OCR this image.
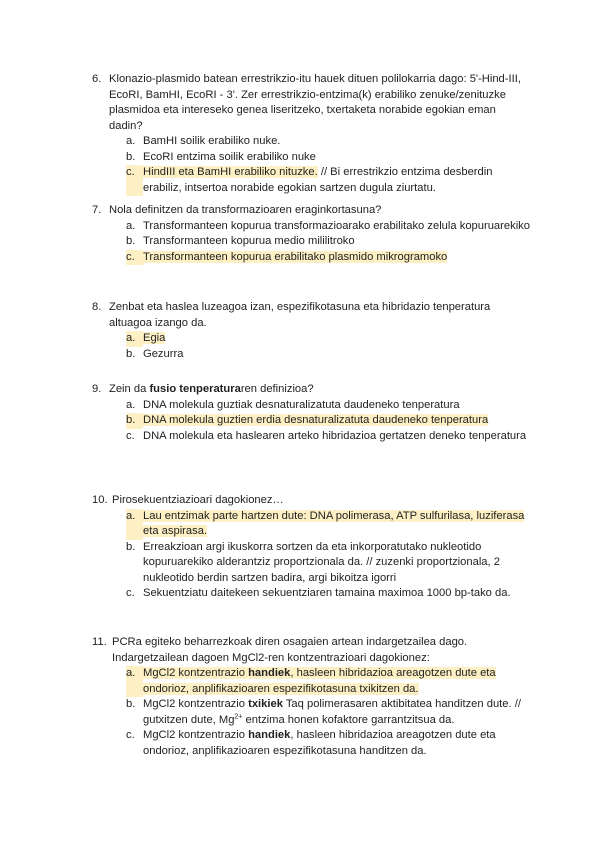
6. Klonazio-plasmido batean errestrikzio-itu hauek dituen polilokarria dago: 5'-Hind-III, EcoRI, BamHI, EcoRI - 3'. Zer errestrikzio-entzima(k) erabiliko zenuke/zenituzke plasmidoa eta intereseko genea liseritzeko, txertaketa norabide egokian eman dadin?
a. BamHI soilik erabiliko nuke.
b. EcoRI entzima soilik erabiliko nuke
c. HindIII eta BamHI erabiliko nituzke. // Bi errestrikzio entzima desberdin erabiliz, intsertoa norabide egokian sartzen dugula ziurtatu.
7. Nola definitzen da transformazioaren eraginkortasuna?
a. Transformanteen kopurua transformazioarako erabilitako zelula kopuruarekiko
b. Transformanteen kopurua medio mililitroko
c. Transformanteen kopurua erabilitako plasmido mikrogramoko
8. Zenbat eta haslea luzeagoa izan, espezifikotasuna eta hibridazio tenperatura altuagoa izango da.
a. Egia
b. Gezurra
9. Zein da fusio tenperaturaren definizioa?
a. DNA molekula guztiak desnaturalizatuta daudeneko tenperatura
b. DNA molekula guztien erdia desnaturalizatuta daudeneko tenperatura
c. DNA molekula eta haslearen arteko hibridazioa gertatzen deneko tenperatura
10. Pirosekuentziazioari dagokionez…
a. Lau entzimak parte hartzen dute: DNA polimerasa, ATP sulfurilasa, luziferasa eta aspirasa.
b. Erreakzioan argi ikuskorra sortzen da eta inkorporatutako nukleotido kopuruarekiko alderantziz proportzionala da. // zuzenki proportzionala, 2 nukleotido berdin sartzen badira, argi bikoitza igorri
c. Sekuentziatu daitekeen sekuentziaren tamaina maximoa 1000 bp-tako da.
11. PCRa egiteko beharrezkoak diren osagaien artean indargetzailea dago. Indargetzailean dagoen MgCl2-ren kontzentrazioari dagokionez:
a. MgCl2 kontzentrazio handiek, hasleen hibridazioa areagotzen dute eta ondorioz, anplifikazioaren espezifikotasuna txikitzen da.
b. MgCl2 kontzentrazio txikiek Taq polimerasaren aktibitatea handitzen dute. // gutxitzen dute, $Mg^{2+}$ entzima honen kofaktore garrantzitsua da.
c. MgCl2 kontzentrazio handiek, hasleen hibridazioa areagotzen dute eta ondorioz, anplifikazioaren espezifikotasuna handitzen da.
